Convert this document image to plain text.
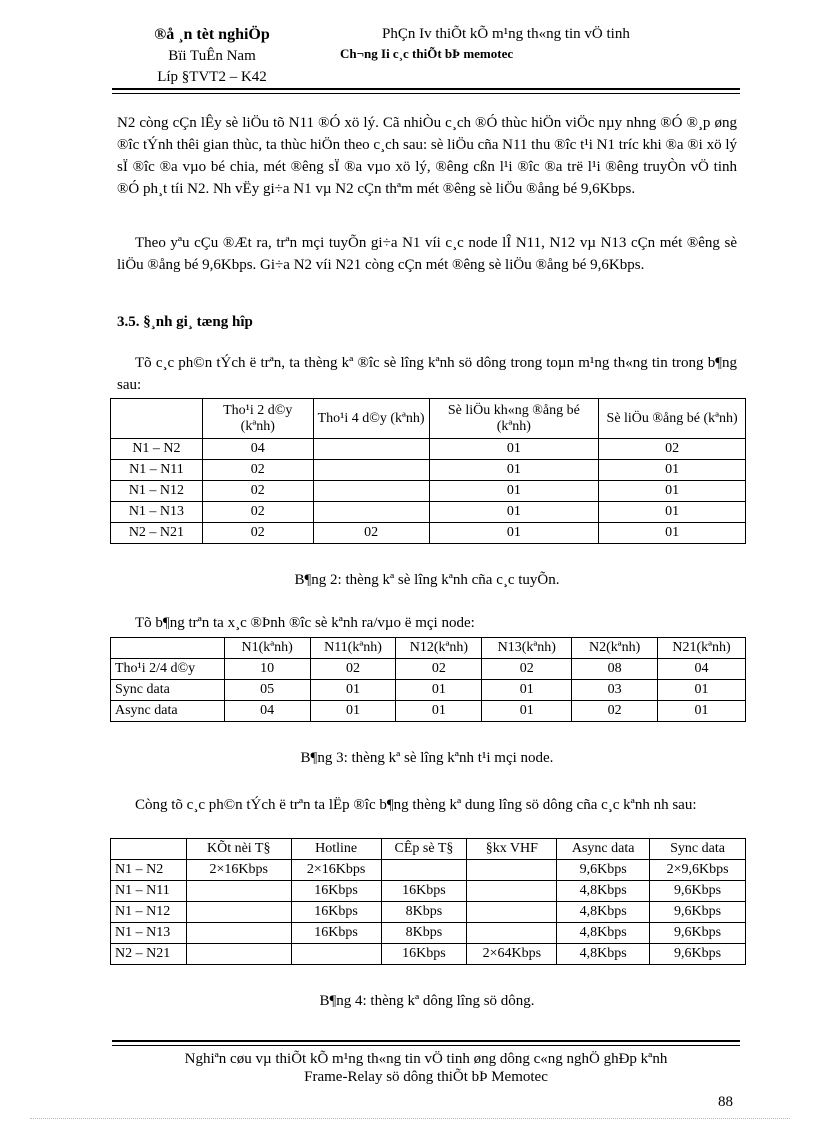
®å ¸n tèt nghiÖp
Bïi TuÊn Nam
Líp §TVT2 – K42
PhÇn Iv thiÕt kÕ m¹ng th«ng tin vÖ tinh
Ch¬ng Ii c¸c thiÕt bÞ memotec

N2 còng cÇn lÊy sè liÖu tõ N11 ®Ó xö lý. Cã nhiÒu c¸ch ®Ó thùc hiÖn viÖc nµy nhng ®Ó ®¸p øng ®îc tÝnh thêi gian thùc, ta thùc hiÖn theo c¸ch sau: sè liÖu cña N11 thu ®îc t¹i N1 tríc khi ®a ®i xö lý sÏ ®îc ®a vµo bé chia, mét ®êng sÏ ®a vµo xö lý, ®êng cßn l¹i ®îc ®a trë l¹i ®êng truyÒn vÖ tinh ®Ó ph¸t tíi N2. Nh vËy gi÷a N1 vµ N2 cÇn thªm mét ®êng sè liÖu ®ång bé 9,6Kbps.

Theo yªu cÇu ®Æt ra, trªn mçi tuyÕn gi÷a N1 víi c¸c node lÎ N11, N12 vµ N13 cÇn mét ®êng sè liÖu ®ång bé 9,6Kbps. Gi÷a N2 víi N21 còng cÇn mét ®êng sè liÖu ®ång bé 9,6Kbps.

3.5. §¸nh gi¸ tæng hîp

Tõ c¸c ph©n tÝch ë trªn, ta thèng kª ®îc sè lîng kªnh sö dông trong toµn m¹ng th«ng tin trong b¶ng sau:

	Tho¹i 2 d©y (kªnh)	Tho¹i 4 d©y (kªnh)	Sè liÖu kh«ng ®ång bé (kªnh)	Sè liÖu ®ång bé (kªnh)
N1 – N2	04		01	02
N1 – N11	02		01	01
N1 – N12	02		01	01
N1 – N13	02		01	01
N2 – N21	02	02	01	01
B¶ng 2: thèng kª sè lîng kªnh cña c¸c tuyÕn.

Tõ b¶ng trªn ta x¸c ®Þnh ®îc sè kªnh ra/vµo ë mçi node:

	N1(kªnh)	N11(kªnh)	N12(kªnh)	N13(kªnh)	N2(kªnh)	N21(kªnh)
Tho¹i 2/4 d©y	10	02	02	02	08	04
Sync data	05	01	01	01	03	01
Async data	04	01	01	01	02	01
B¶ng 3: thèng kª sè lîng kªnh t¹i mçi node.

Còng tõ c¸c ph©n tÝch ë trªn ta lËp ®îc b¶ng thèng kª dung lîng sö dông cña c¸c kªnh nh sau:

	KÕt nèi T§	Hotline	CÊp sè T§	§kx VHF	Async data	Sync data
N1 – N2	2×16Kbps	2×16Kbps			9,6Kbps	2×9,6Kbps
N1 – N11		16Kbps	16Kbps		4,8Kbps	9,6Kbps
N1 – N12		16Kbps	8Kbps		4,8Kbps	9,6Kbps
N1 – N13		16Kbps	8Kbps		4,8Kbps	9,6Kbps
N2 – N21			16Kbps	2×64Kbps	4,8Kbps	9,6Kbps
B¶ng 4: thèng kª dông lîng sö dông.
Nghiªn cøu vµ thiÕt kÕ m¹ng th«ng tin vÖ tinh øng dông c«ng nghÖ ghÐp kªnh
Frame-Relay sö dông thiÕt bÞ Memotec
88
